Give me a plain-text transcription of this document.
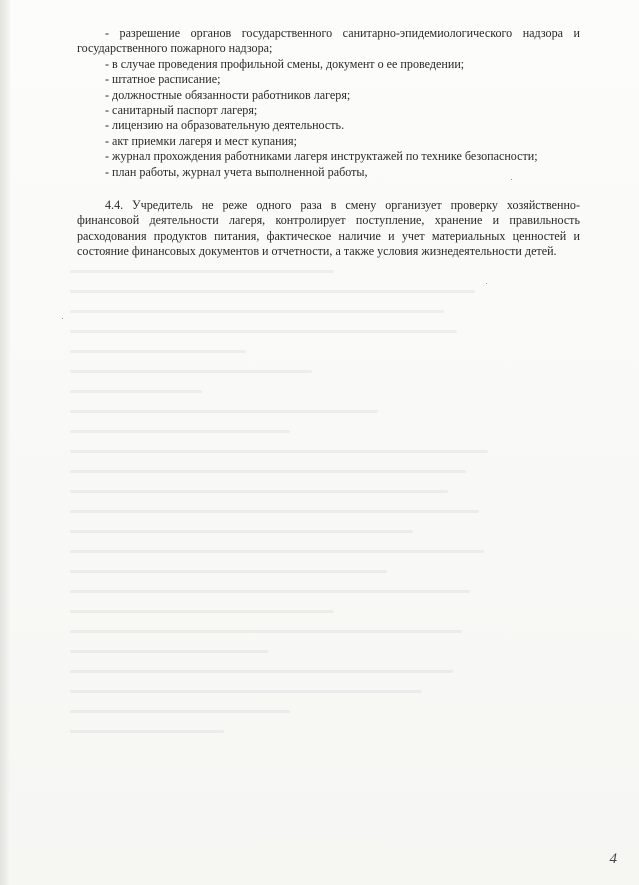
- разрешение органов государственного санитарно-эпидемиологического надзора и государственного пожарного надзора;

- в случае проведения профильной смены, документ о ее проведении;

- штатное расписание;

- должностные обязанности работников лагеря;

- санитарный паспорт лагеря;

- лицензию на образовательную деятельность.

- акт приемки лагеря и мест купания;

- журнал прохождения работниками лагеря инструктажей по технике безопасности;

- план работы, журнал учета выполненной работы,

4.4. Учредитель не реже одного раза в смену организует проверку хозяйственно-финансовой деятельности лагеря, контролирует поступление, хранение и правильность расходования продуктов питания, фактическое наличие и учет материальных ценностей и состояние финансовых документов и отчетности, а также условия жизнедеятельности детей.

4
